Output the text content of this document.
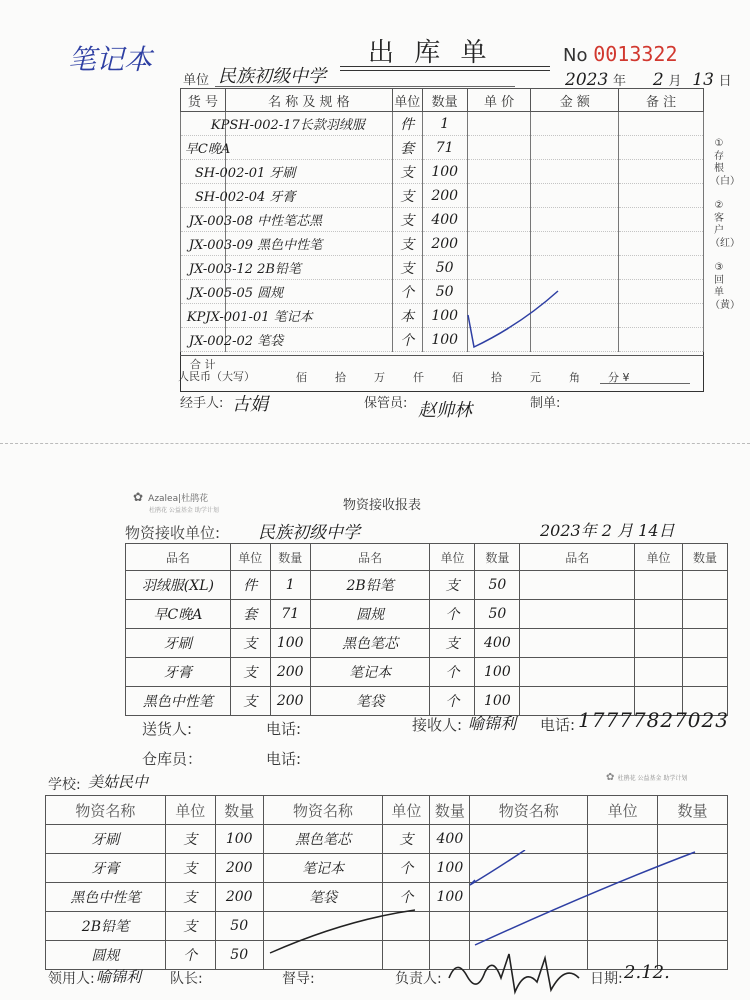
笔记本	出 库 单	No 0013322
单位 民族初级中学	2023 年 2 月 13 日
货 号	名 称 及 规 格	单位	数量	单 价	金 额	备 注
	KPSH-002-17长款羽绒服	件	1			
	早C晚A	套	71			
	SH-002-01 牙刷	支	100			
	SH-002-04 牙膏	支	200			
	JX-003-08 中性笔芯黑	支	400			
	JX-003-09 黑色中性笔	支	200			
	JX-003-12 2B铅笔	支	50			
	JX-005-05 圆规	个	50			
	KPJX-001-01 笔记本	本	100			
	JX-002-02 笔袋	个	100			
合 计
人民币（大写）	佰	拾	万	仟	佰	拾	元	角	分 ¥
①
存
根
（白）
②
客
户
（红）
③
回
单
（黄）
经手人: 古娟	保管员: 赵帅林	制单:
✿ Azalea|杜鹃花
杜鹃花 公益基金 助学计划	物资接收报表
物资接收单位: 民族初级中学	2023年 2 月 14日
品名	单位	数量	品名	单位	数量	品名	单位	数量
羽绒服(XL)	件	1	2B铅笔	支	50			
早C晚A	套	71	圆规	个	50			
牙刷	支	100	黑色笔芯	支	400			
牙膏	支	200	笔记本	个	100			
黑色中性笔	支	200	笔袋	个	100			
送货人:	电话:	接收人: 喻锦利 电话: 17777827023
仓库员：	电话:
学校: 美姑民中	✿ 杜鹃花 公益基金 助学计划
物资名称	单位	数量	物资名称	单位	数量	物资名称	单位	数量
牙刷	支	100	黑色笔芯	支	400			
牙膏	支	200	笔记本	个	100			
黑色中性笔	支	200	笔袋	个	100			
2B铅笔	支	50						
圆规	个	50						
领用人: 喻锦利 队长:	督导:	负责人:	日期: 2.12.
